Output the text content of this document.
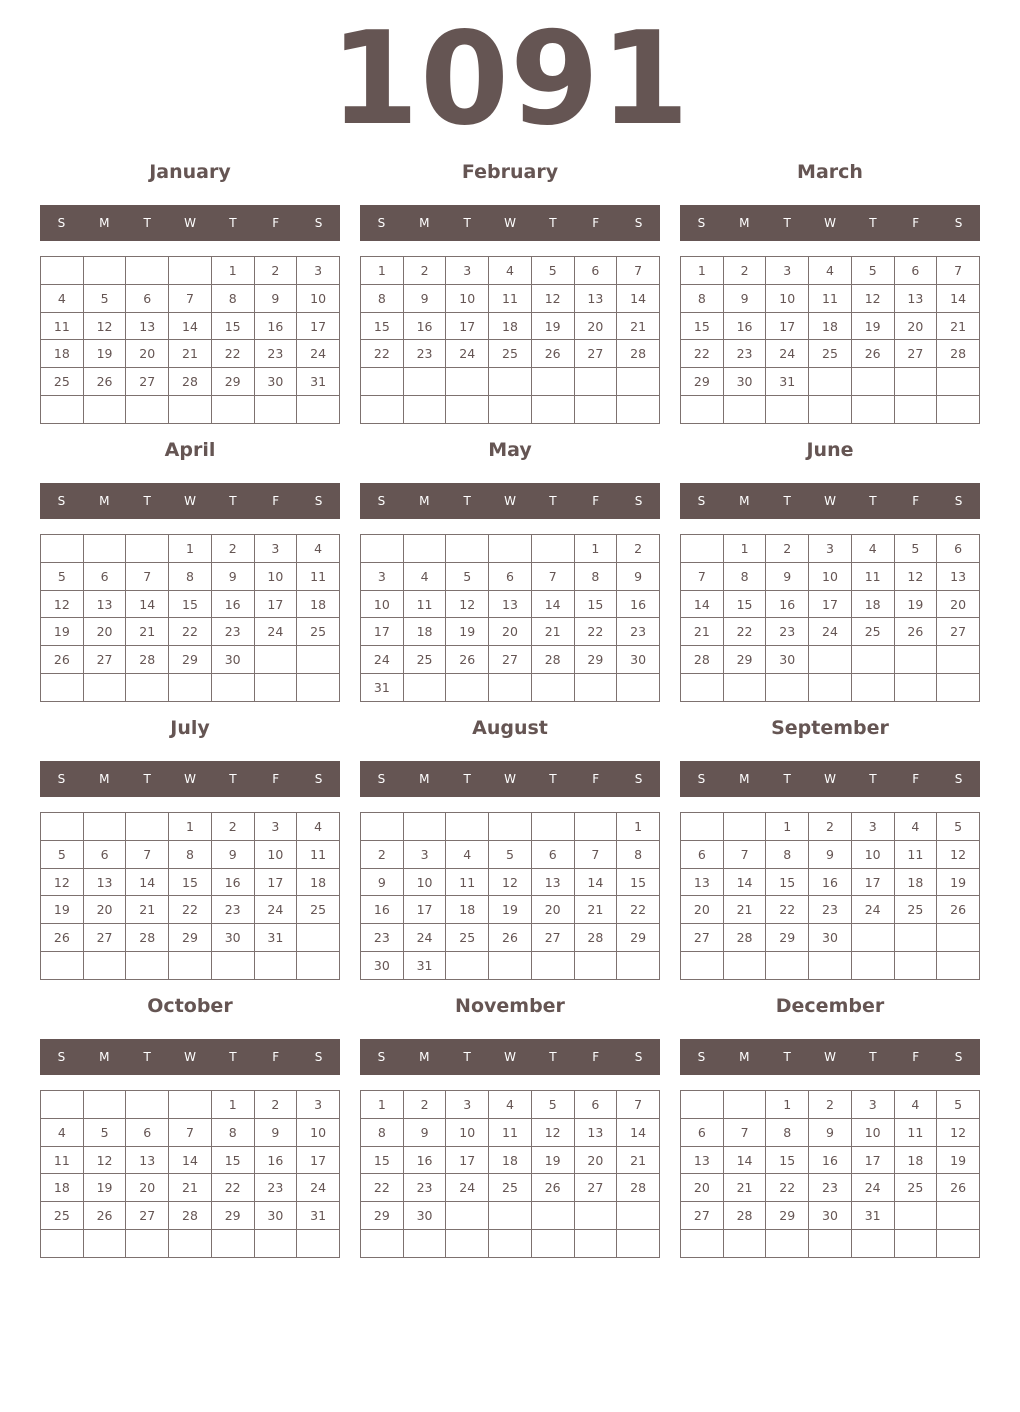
1091
January
S	M	T	W	T	F	S
				1	2	3
4	5	6	7	8	9	10
11	12	13	14	15	16	17
18	19	20	21	22	23	24
25	26	27	28	29	30	31

February
S	M	T	W	T	F	S
1	2	3	4	5	6	7
8	9	10	11	12	13	14
15	16	17	18	19	20	21
22	23	24	25	26	27	28

March
S	M	T	W	T	F	S
1	2	3	4	5	6	7
8	9	10	11	12	13	14
15	16	17	18	19	20	21
22	23	24	25	26	27	28
29	30	31				

April
S	M	T	W	T	F	S
			1	2	3	4
5	6	7	8	9	10	11
12	13	14	15	16	17	18
19	20	21	22	23	24	25
26	27	28	29	30		

May
S	M	T	W	T	F	S
					1	2
3	4	5	6	7	8	9
10	11	12	13	14	15	16
17	18	19	20	21	22	23
24	25	26	27	28	29	30
31						
June
S	M	T	W	T	F	S
	1	2	3	4	5	6
7	8	9	10	11	12	13
14	15	16	17	18	19	20
21	22	23	24	25	26	27
28	29	30				

July
S	M	T	W	T	F	S
			1	2	3	4
5	6	7	8	9	10	11
12	13	14	15	16	17	18
19	20	21	22	23	24	25
26	27	28	29	30	31	

August
S	M	T	W	T	F	S
						1
2	3	4	5	6	7	8
9	10	11	12	13	14	15
16	17	18	19	20	21	22
23	24	25	26	27	28	29
30	31					
September
S	M	T	W	T	F	S
		1	2	3	4	5
6	7	8	9	10	11	12
13	14	15	16	17	18	19
20	21	22	23	24	25	26
27	28	29	30			

October
S	M	T	W	T	F	S
				1	2	3
4	5	6	7	8	9	10
11	12	13	14	15	16	17
18	19	20	21	22	23	24
25	26	27	28	29	30	31

November
S	M	T	W	T	F	S
1	2	3	4	5	6	7
8	9	10	11	12	13	14
15	16	17	18	19	20	21
22	23	24	25	26	27	28
29	30					

December
S	M	T	W	T	F	S
		1	2	3	4	5
6	7	8	9	10	11	12
13	14	15	16	17	18	19
20	21	22	23	24	25	26
27	28	29	30	31		
